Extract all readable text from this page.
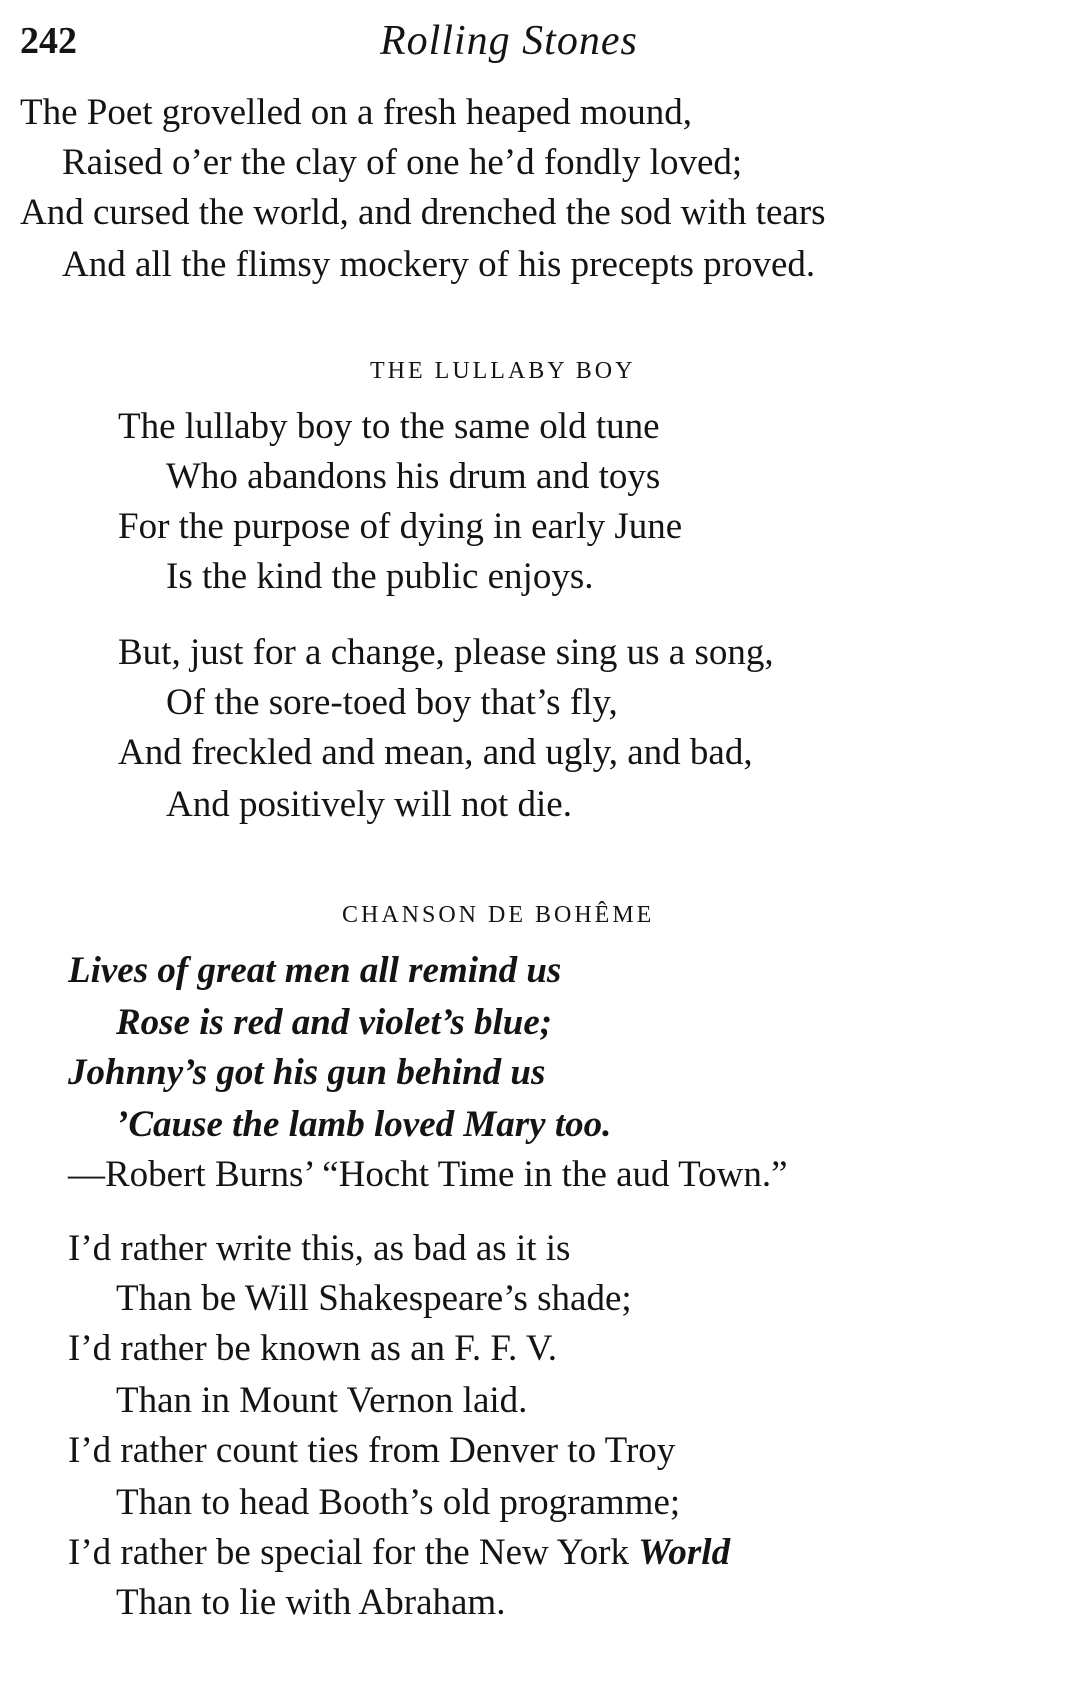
242	Rolling Stones
The Poet grovelled on a fresh heaped mound,
Raised o’er the clay of one he’d fondly loved;
And cursed the world, and drenched the sod with tears
And all the flimsy mockery of his precepts proved.
THE LULLABY BOY
The lullaby boy to the same old tune
Who abandons his drum and toys
For the purpose of dying in early June
Is the kind the public enjoys.
But, just for a change, please sing us a song,
Of the sore-toed boy that’s fly,
And freckled and mean, and ugly, and bad,
And positively will not die.
CHANSON DE BOHÊME
Lives of great men all remind us
Rose is red and violet’s blue;
Johnny’s got his gun behind us
’Cause the lamb loved Mary too.
—Robert Burns’ “Hocht Time in the aud Town.”
I’d rather write this, as bad as it is
Than be Will Shakespeare’s shade;
I’d rather be known as an F. F. V.
Than in Mount Vernon laid.
I’d rather count ties from Denver to Troy
Than to head Booth’s old programme;
I’d rather be special for the New York World
Than to lie with Abraham.
